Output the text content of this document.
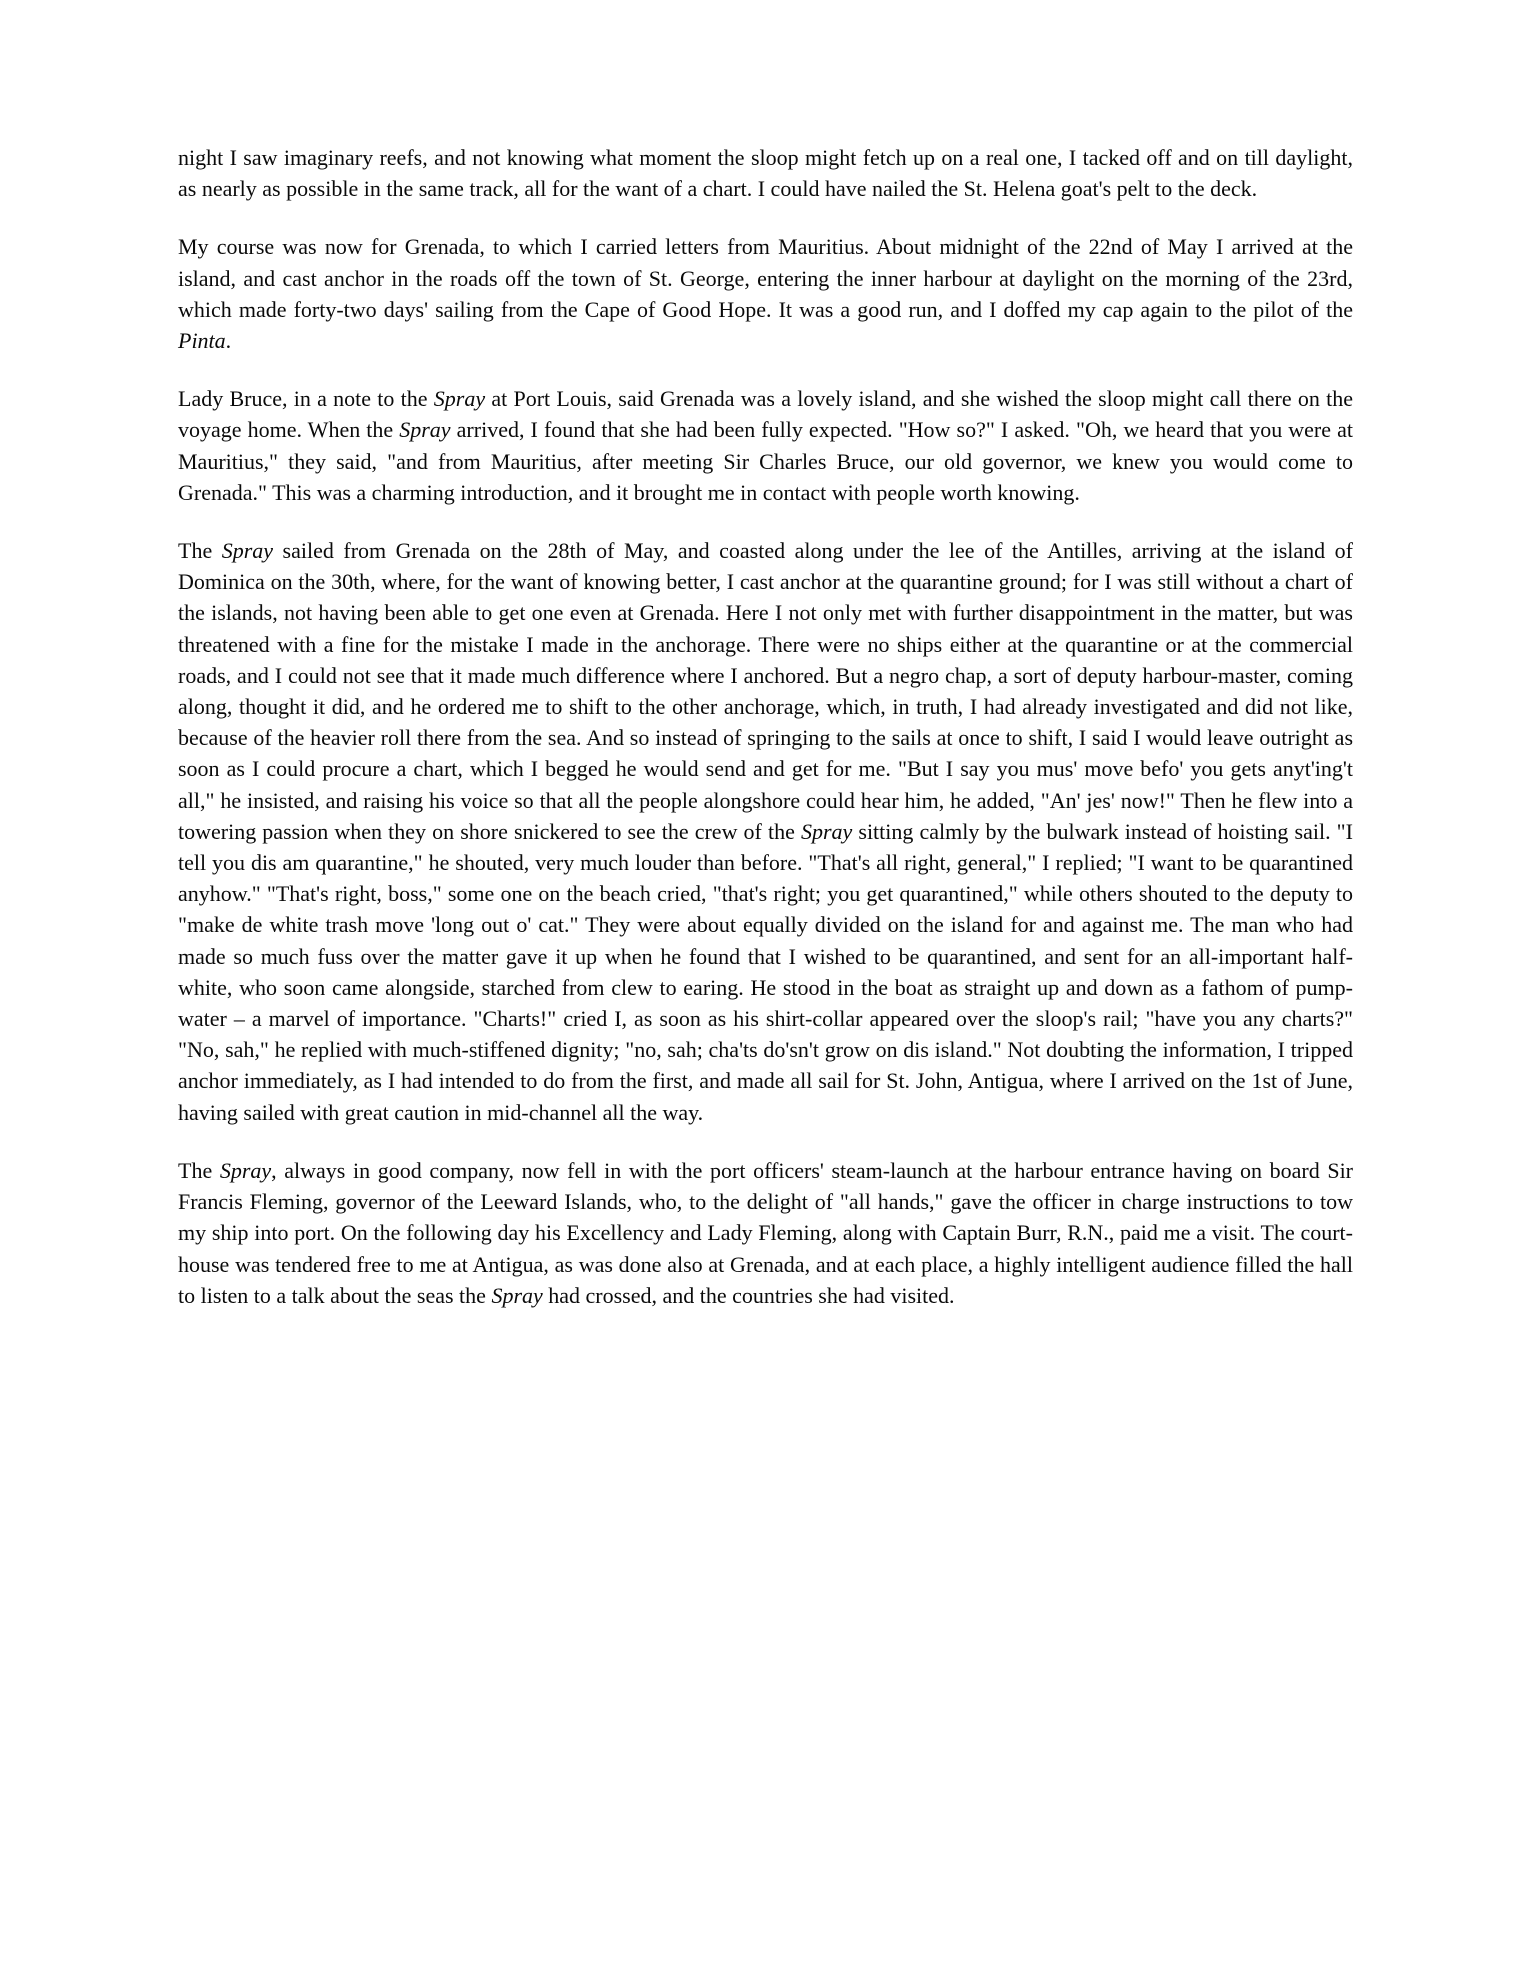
night I saw imaginary reefs, and not knowing what moment the sloop might fetch up on a real one, I tacked off and on till daylight, as nearly as possible in the same track, all for the want of a chart. I could have nailed the St. Helena goat's pelt to the deck.

My course was now for Grenada, to which I carried letters from Mauritius. About midnight of the 22nd of May I arrived at the island, and cast anchor in the roads off the town of St. George, entering the inner harbour at daylight on the morning of the 23rd, which made forty-two days' sailing from the Cape of Good Hope. It was a good run, and I doffed my cap again to the pilot of the Pinta.

Lady Bruce, in a note to the Spray at Port Louis, said Grenada was a lovely island, and she wished the sloop might call there on the voyage home. When the Spray arrived, I found that she had been fully expected. "How so?" I asked. "Oh, we heard that you were at Mauritius," they said, "and from Mauritius, after meeting Sir Charles Bruce, our old governor, we knew you would come to Grenada." This was a charming introduction, and it brought me in contact with people worth knowing.

The Spray sailed from Grenada on the 28th of May, and coasted along under the lee of the Antilles, arriving at the island of Dominica on the 30th, where, for the want of knowing better, I cast anchor at the quarantine ground; for I was still without a chart of the islands, not having been able to get one even at Grenada. Here I not only met with further disappointment in the matter, but was threatened with a fine for the mistake I made in the anchorage. There were no ships either at the quarantine or at the commercial roads, and I could not see that it made much difference where I anchored. But a negro chap, a sort of deputy harbour-master, coming along, thought it did, and he ordered me to shift to the other anchorage, which, in truth, I had already investigated and did not like, because of the heavier roll there from the sea. And so instead of springing to the sails at once to shift, I said I would leave outright as soon as I could procure a chart, which I begged he would send and get for me. "But I say you mus' move befo' you gets anyt'ing't all," he insisted, and raising his voice so that all the people alongshore could hear him, he added, "An' jes' now!" Then he flew into a towering passion when they on shore snickered to see the crew of the Spray sitting calmly by the bulwark instead of hoisting sail. "I tell you dis am quarantine," he shouted, very much louder than before. "That's all right, general," I replied; "I want to be quarantined anyhow." "That's right, boss," some one on the beach cried, "that's right; you get quarantined," while others shouted to the deputy to "make de white trash move 'long out o' cat." They were about equally divided on the island for and against me. The man who had made so much fuss over the matter gave it up when he found that I wished to be quarantined, and sent for an all-important half-white, who soon came alongside, starched from clew to earing. He stood in the boat as straight up and down as a fathom of pump-water – a marvel of importance. "Charts!" cried I, as soon as his shirt-collar appeared over the sloop's rail; "have you any charts?" "No, sah," he replied with much-stiffened dignity; "no, sah; cha'ts do'sn't grow on dis island." Not doubting the information, I tripped anchor immediately, as I had intended to do from the first, and made all sail for St. John, Antigua, where I arrived on the 1st of June, having sailed with great caution in mid-channel all the way.

The Spray, always in good company, now fell in with the port officers' steam-launch at the harbour entrance having on board Sir Francis Fleming, governor of the Leeward Islands, who, to the delight of "all hands," gave the officer in charge instructions to tow my ship into port. On the following day his Excellency and Lady Fleming, along with Captain Burr, R.N., paid me a visit. The court-house was tendered free to me at Antigua, as was done also at Grenada, and at each place, a highly intelligent audience filled the hall to listen to a talk about the seas the Spray had crossed, and the countries she had visited.
